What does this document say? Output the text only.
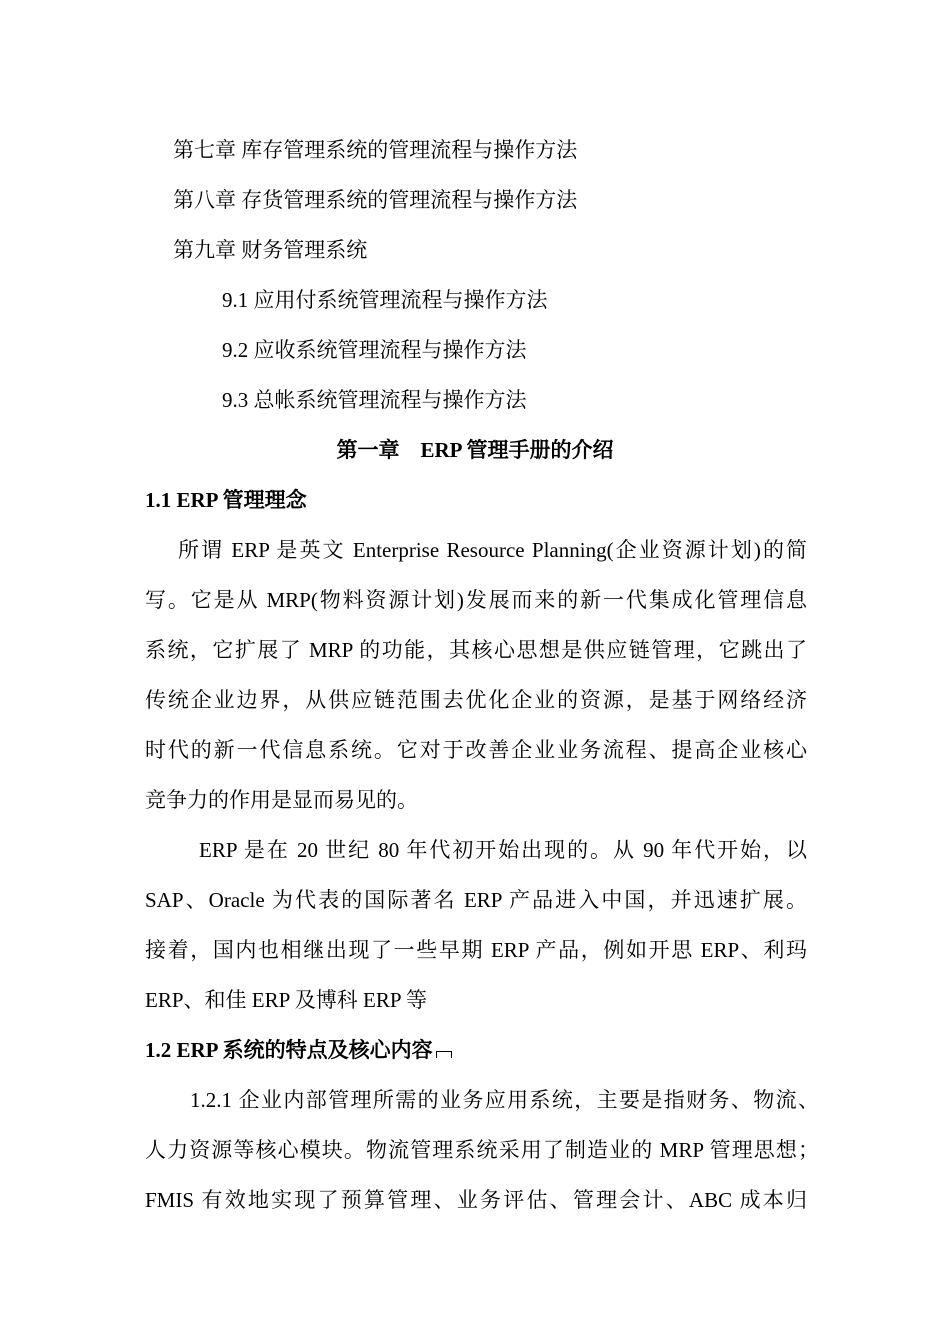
第七章 库存管理系统的管理流程与操作方法
第八章 存货管理系统的管理流程与操作方法
第九章 财务管理系统
9.1 应用付系统管理流程与操作方法
9.2 应收系统管理流程与操作方法
9.3 总帐系统管理流程与操作方法
第一章　ERP 管理手册的介绍
1.1 ERP 管理理念
所谓 ERP 是英文 Enterprise Resource Planning(企业资源计划)的简
写。它是从 MRP(物料资源计划)发展而来的新一代集成化管理信息
系统，它扩展了 MRP 的功能，其核心思想是供应链管理，它跳出了
传统企业边界，从供应链范围去优化企业的资源，是基于网络经济
时代的新一代信息系统。它对于改善企业业务流程、提高企业核心
竞争力的作用是显而易见的。
ERP 是在 20 世纪 80 年代初开始出现的。从 90 年代开始，以
SAP、Oracle 为代表的国际著名 ERP 产品进入中国，并迅速扩展。
接着，国内也相继出现了一些早期 ERP 产品，例如开思 ERP、利玛
ERP、和佳 ERP 及博科 ERP 等
1.2 ERP 系统的特点及核心内容
1.2.1 企业内部管理所需的业务应用系统，主要是指财务、物流、
人力资源等核心模块。物流管理系统采用了制造业的 MRP 管理思想；
FMIS 有效地实现了预算管理、业务评估、管理会计、ABC 成本归
